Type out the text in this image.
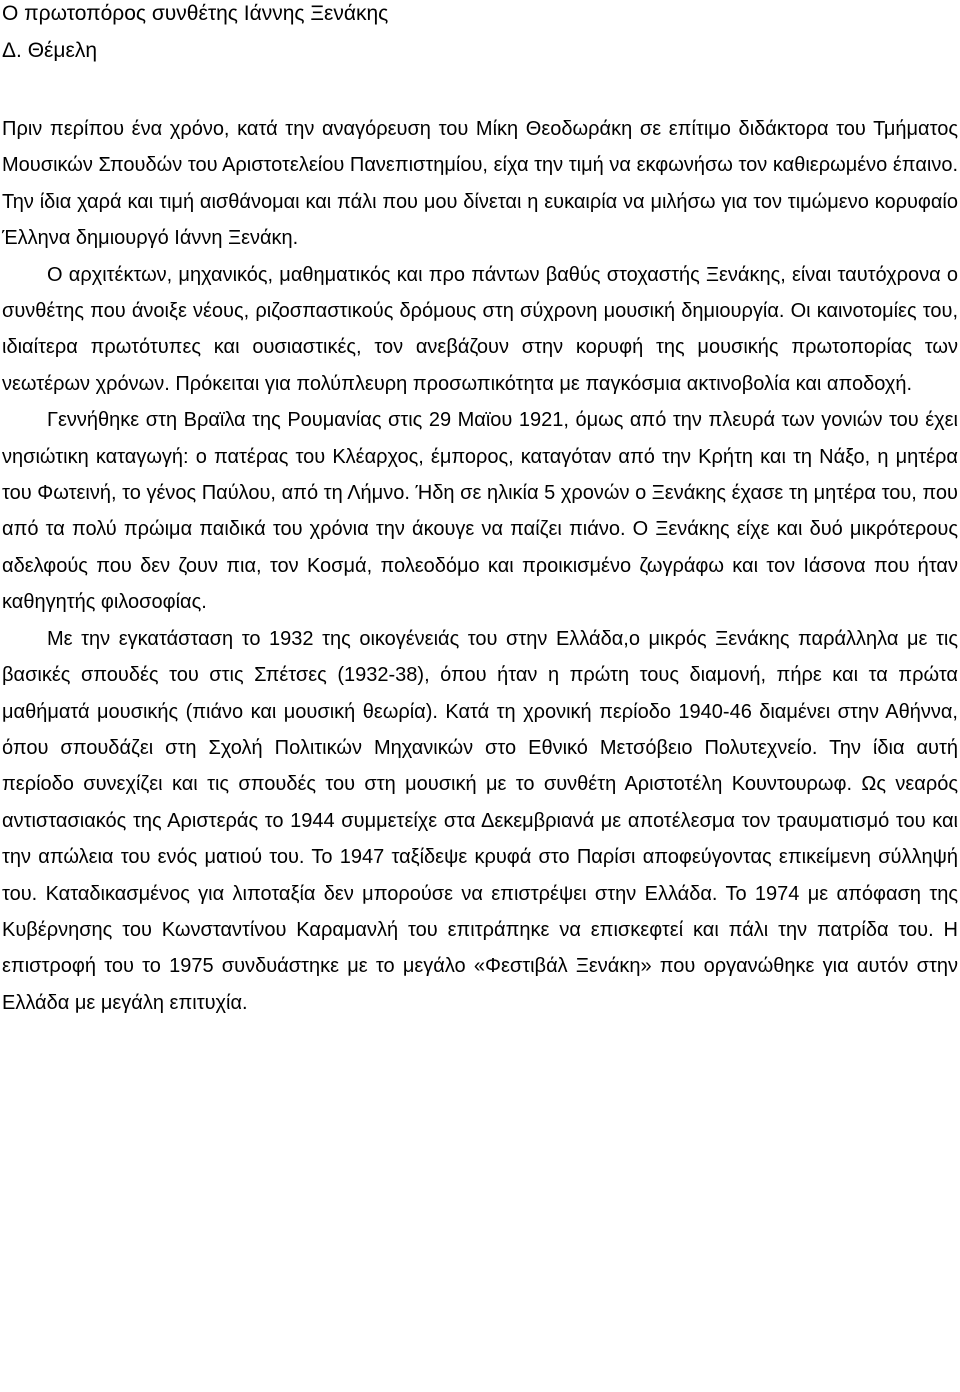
Ο πρωτοπόρος συνθέτης Ιάννης Ξενάκης
Δ. Θέμελη

Πριν περίπου ένα χρόνο, κατά την αναγόρευση του Μίκη Θεοδωράκη σε επίτιμο διδάκτορα του Τμήματος Μουσικών Σπουδών του Αριστοτελείου Πανεπιστημίου, είχα την τιμή να εκφωνήσω τον καθιερωμένο έπαινο. Την ίδια χαρά και τιμή αισθάνομαι και πάλι που μου δίνεται η ευκαιρία να μιλήσω για τον τιμώμενο κορυφαίο Έλληνα δημιουργό Ιάννη Ξενάκη.

Ο αρχιτέκτων, μηχανικός, μαθηματικός και προ πάντων βαθύς στοχαστής Ξενάκης, είναι ταυτόχρονα ο συνθέτης που άνοιξε νέους, ριζοσπαστικούς δρόμους στη σύχρονη μουσική δημιουργία. Οι καινοτομίες του, ιδιαίτερα πρωτότυπες και ουσιαστικές, τον ανεβάζουν στην κορυφή της μουσικής πρωτοπορίας των νεωτέρων χρόνων. Πρόκειται για πολύπλευρη προσωπικότητα με παγκόσμια ακτινοβολία και αποδοχή.

Γεννήθηκε στη Βραϊλα της Ρουμανίας στις 29 Μαϊου 1921, όμως από την πλευρά των γονιών του έχει νησιώτικη καταγωγή: ο πατέρας του Κλέαρχος, έμπορος, καταγόταν από την Κρήτη και τη Νάξο, η μητέρα του Φωτεινή, το γένος Παύλου, από τη Λήμνο. Ήδη σε ηλικία 5 χρονών ο Ξενάκης έχασε τη μητέρα του, που από τα πολύ πρώιμα παιδικά του χρόνια την άκουγε να παίζει πιάνο. Ο Ξενάκης είχε και δυό μικρότερους αδελφούς που δεν ζουν πια, τον Κοσμά, πολεοδόμο και προικισμένο ζωγράφω και τον Ιάσονα που ήταν καθηγητής φιλοσοφίας.

Με την εγκατάσταση το 1932 της οικογένειάς του στην Ελλάδα,ο μικρός Ξενάκης παράλληλα με τις βασικές σπουδές του στις Σπέτσες (1932-38), όπου ήταν η πρώτη τους διαμονή, πήρε και τα πρώτα μαθήματά μουσικής (πιάνο και μουσική θεωρία). Κατά τη χρονική περίοδο 1940-46 διαμένει στην Αθήννα, όπου σπουδάζει στη Σχολή Πολιτικών Μηχανικών στο Εθνικό Μετσόβειο Πολυτεχνείο. Την ίδια αυτή περίοδο συνεχίζει και τις σπουδές του στη μουσική με το συνθέτη Αριστοτέλη Κουντουρωφ. Ως νεαρός αντιστασιακός της Αριστεράς το 1944 συμμετείχε στα Δεκεμβριανά με αποτέλεσμα τον τραυματισμό του και την απώλεια του ενός ματιού του. Το 1947 ταξίδεψε κρυφά στο Παρίσι αποφεύγοντας επικείμενη σύλληψή του. Καταδικασμένος για λιποταξία δεν μπορούσε να επιστρέψει στην Ελλάδα. Το 1974 με απόφαση της Κυβέρνησης του Κωνσταντίνου Καραμανλή του επιτράπηκε να επισκεφτεί και πάλι την πατρίδα του. Η επιστροφή του το 1975 συνδυάστηκε με το μεγάλο «Φεστιβάλ Ξενάκη» που οργανώθηκε για αυτόν στην Ελλάδα με μεγάλη επιτυχία.
